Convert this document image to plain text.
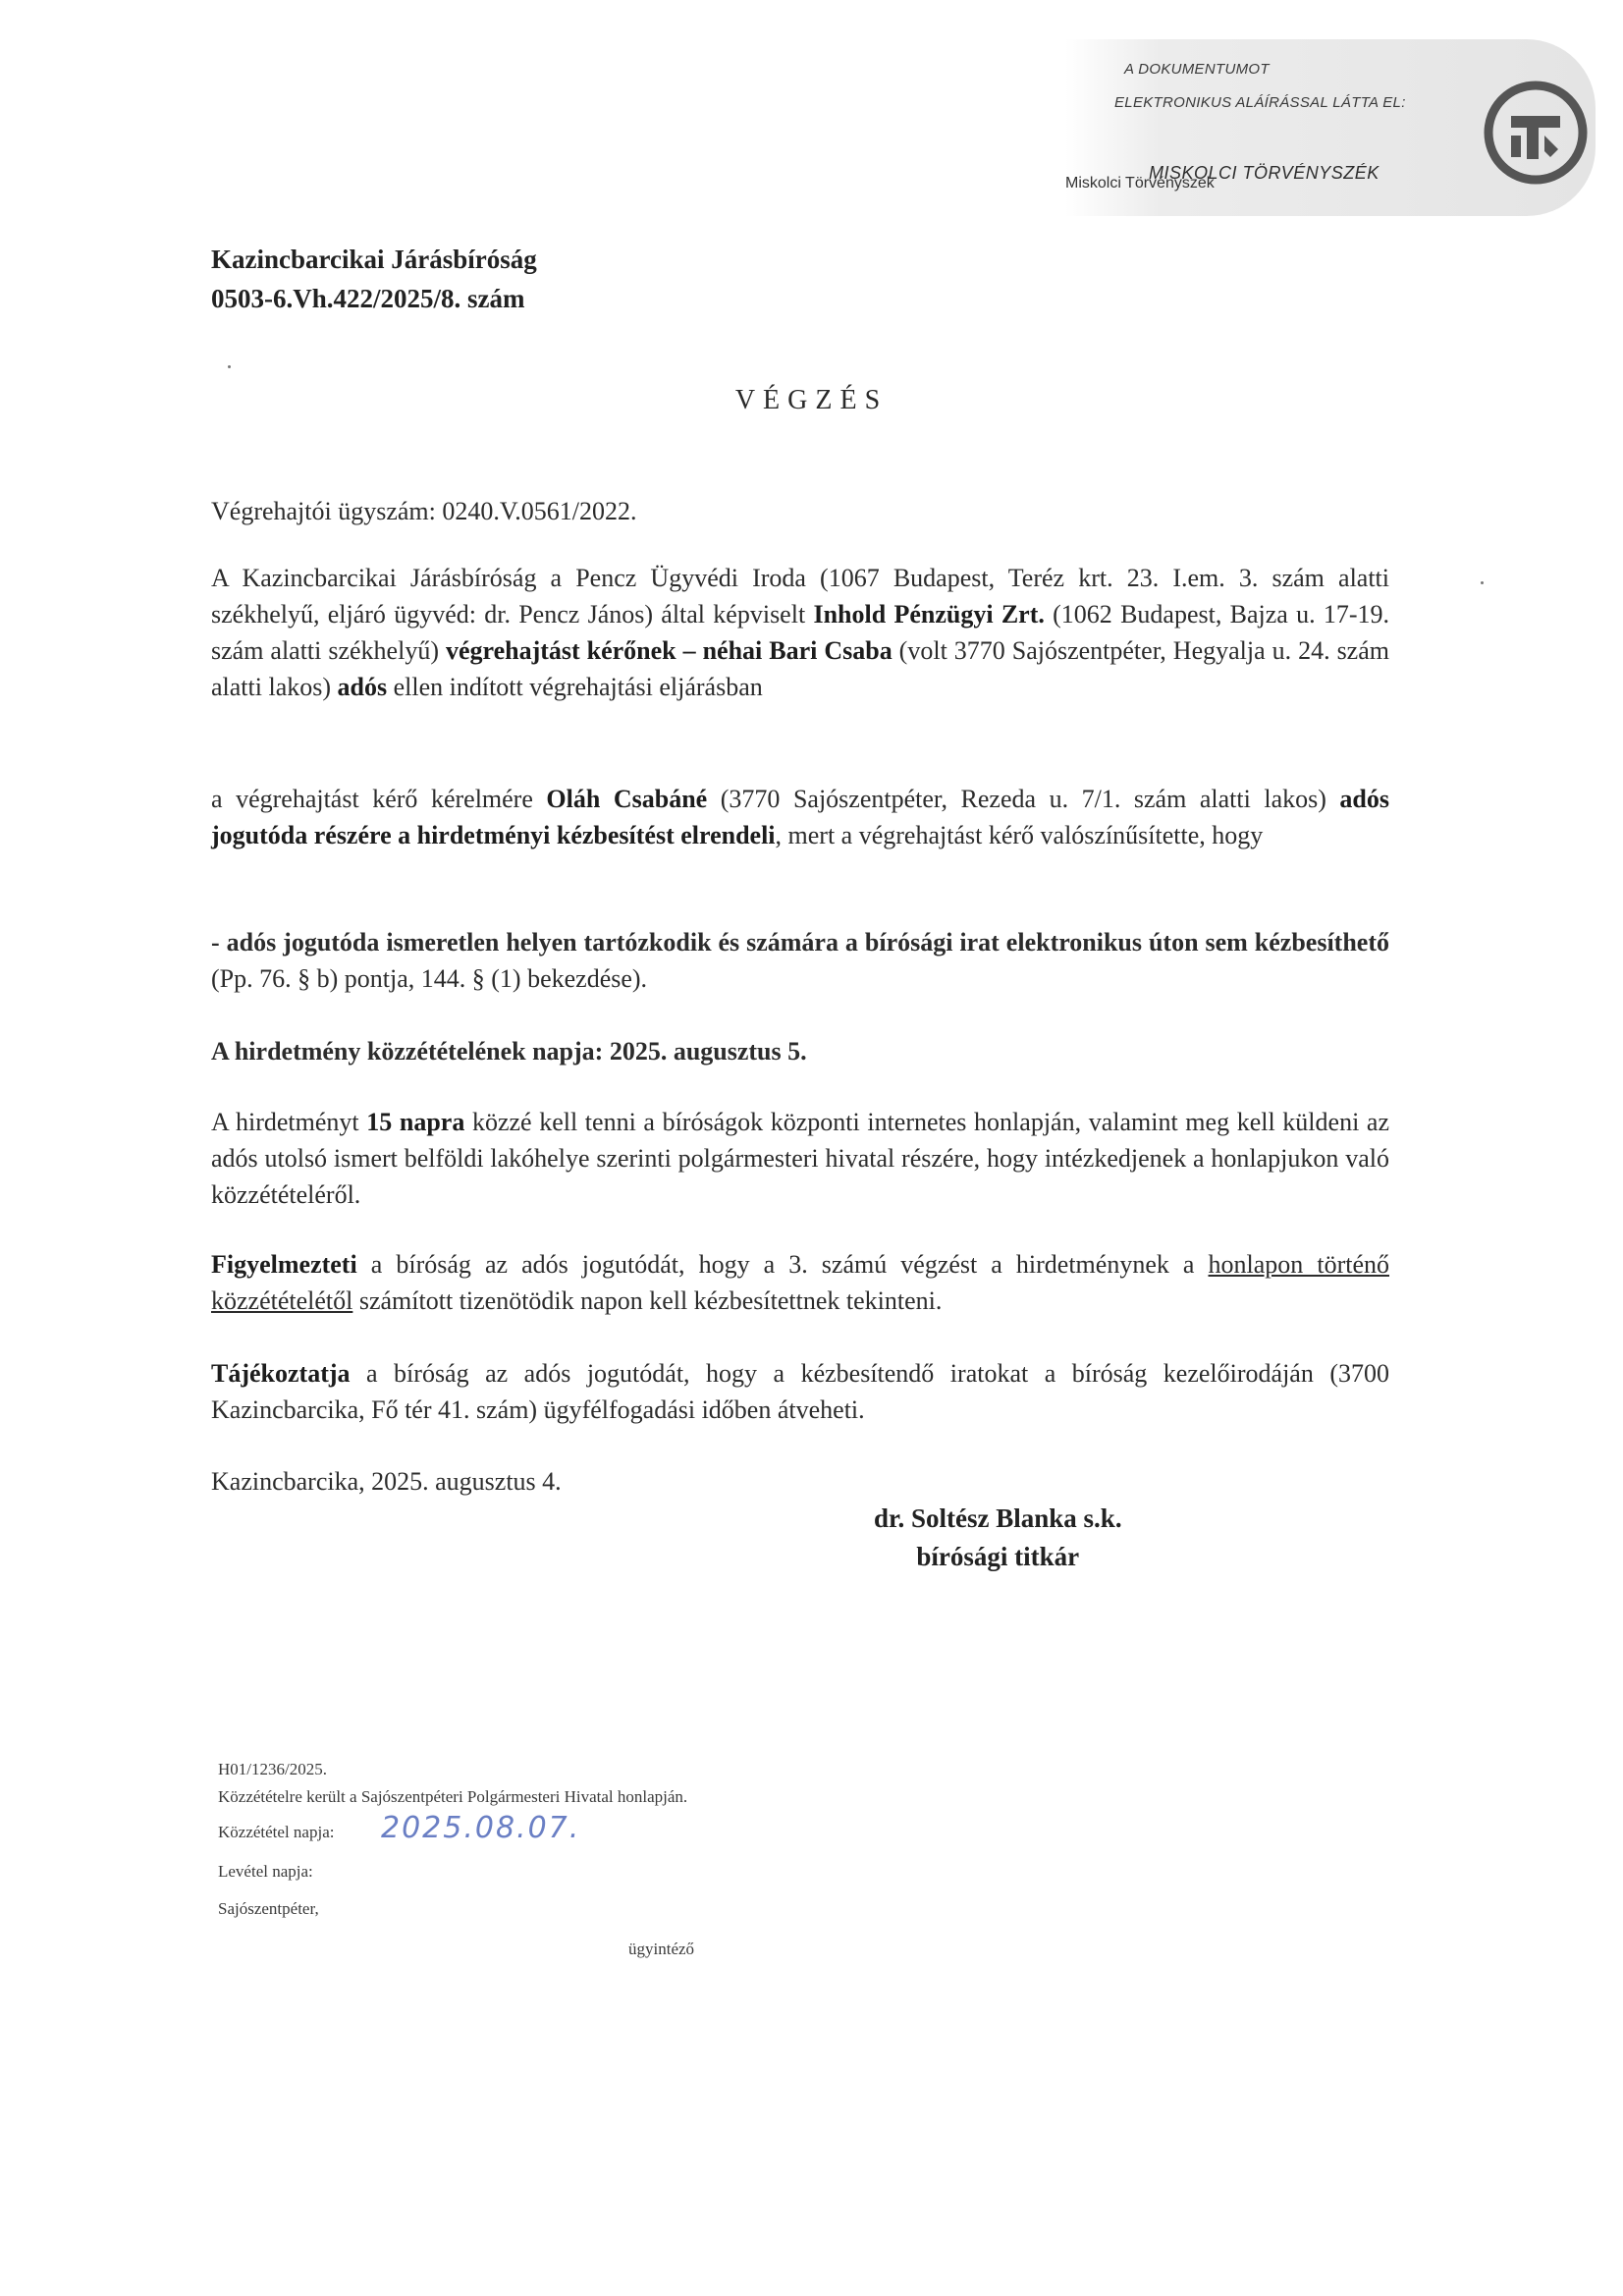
A DOKUMENTUMOT
ELEKTRONIKUS ALÁÍRÁSSAL LÁTTA EL:
MISKOLCI TÖRVÉNYSZÉK
Miskolci Törvényszék
Kazincbarcikai Járásbíróság
0503-6.Vh.422/2025/8. szám
VÉGZÉS
Végrehajtói ügyszám: 0240.V.0561/2022.
A Kazincbarcikai Járásbíróság a Pencz Ügyvédi Iroda (1067 Budapest, Teréz krt. 23. I.em. 3. szám alatti székhelyű, eljáró ügyvéd: dr. Pencz János) által képviselt Inhold Pénzügyi Zrt. (1062 Budapest, Bajza u. 17-19. szám alatti székhelyű) végrehajtást kérőnek – néhai Bari Csaba (volt 3770 Sajószentpéter, Hegyalja u. 24. szám alatti lakos) adós ellen indított végrehajtási eljárásban
a végrehajtást kérő kérelmére Oláh Csabáné (3770 Sajószentpéter, Rezeda u. 7/1. szám alatti lakos) adós jogutóda részére a hirdetményi kézbesítést elrendeli, mert a végrehajtást kérő valószínűsítette, hogy
- adós jogutóda ismeretlen helyen tartózkodik és számára a bírósági irat elektronikus úton sem kézbesíthető (Pp. 76. § b) pontja, 144. § (1) bekezdése).
A hirdetmény közzétételének napja: 2025. augusztus 5.
A hirdetményt 15 napra közzé kell tenni a bíróságok központi internetes honlapján, valamint meg kell küldeni az adós utolsó ismert belföldi lakóhelye szerinti polgármesteri hivatal részére, hogy intézkedjenek a honlapjukon való közzétételéről.
Figyelmezteti a bíróság az adós jogutódát, hogy a 3. számú végzést a hirdetménynek a honlapon történő közzétételétől számított tizenötödik napon kell kézbesítettnek tekinteni.
Tájékoztatja a bíróság az adós jogutódát, hogy a kézbesítendő iratokat a bíróság kezelőirodáján (3700 Kazincbarcika, Fő tér 41. szám) ügyfélfogadási időben átveheti.
Kazincbarcika, 2025. augusztus 4.
dr. Soltész Blanka s.k.
bírósági titkár
H01/1236/2025.
Közzétételre került a Sajószentpéteri Polgármesteri Hivatal honlapján.
Közzététel napja: 2025.08.07.
Levétel napja:
Sajószentpéter,
ügyintéző
